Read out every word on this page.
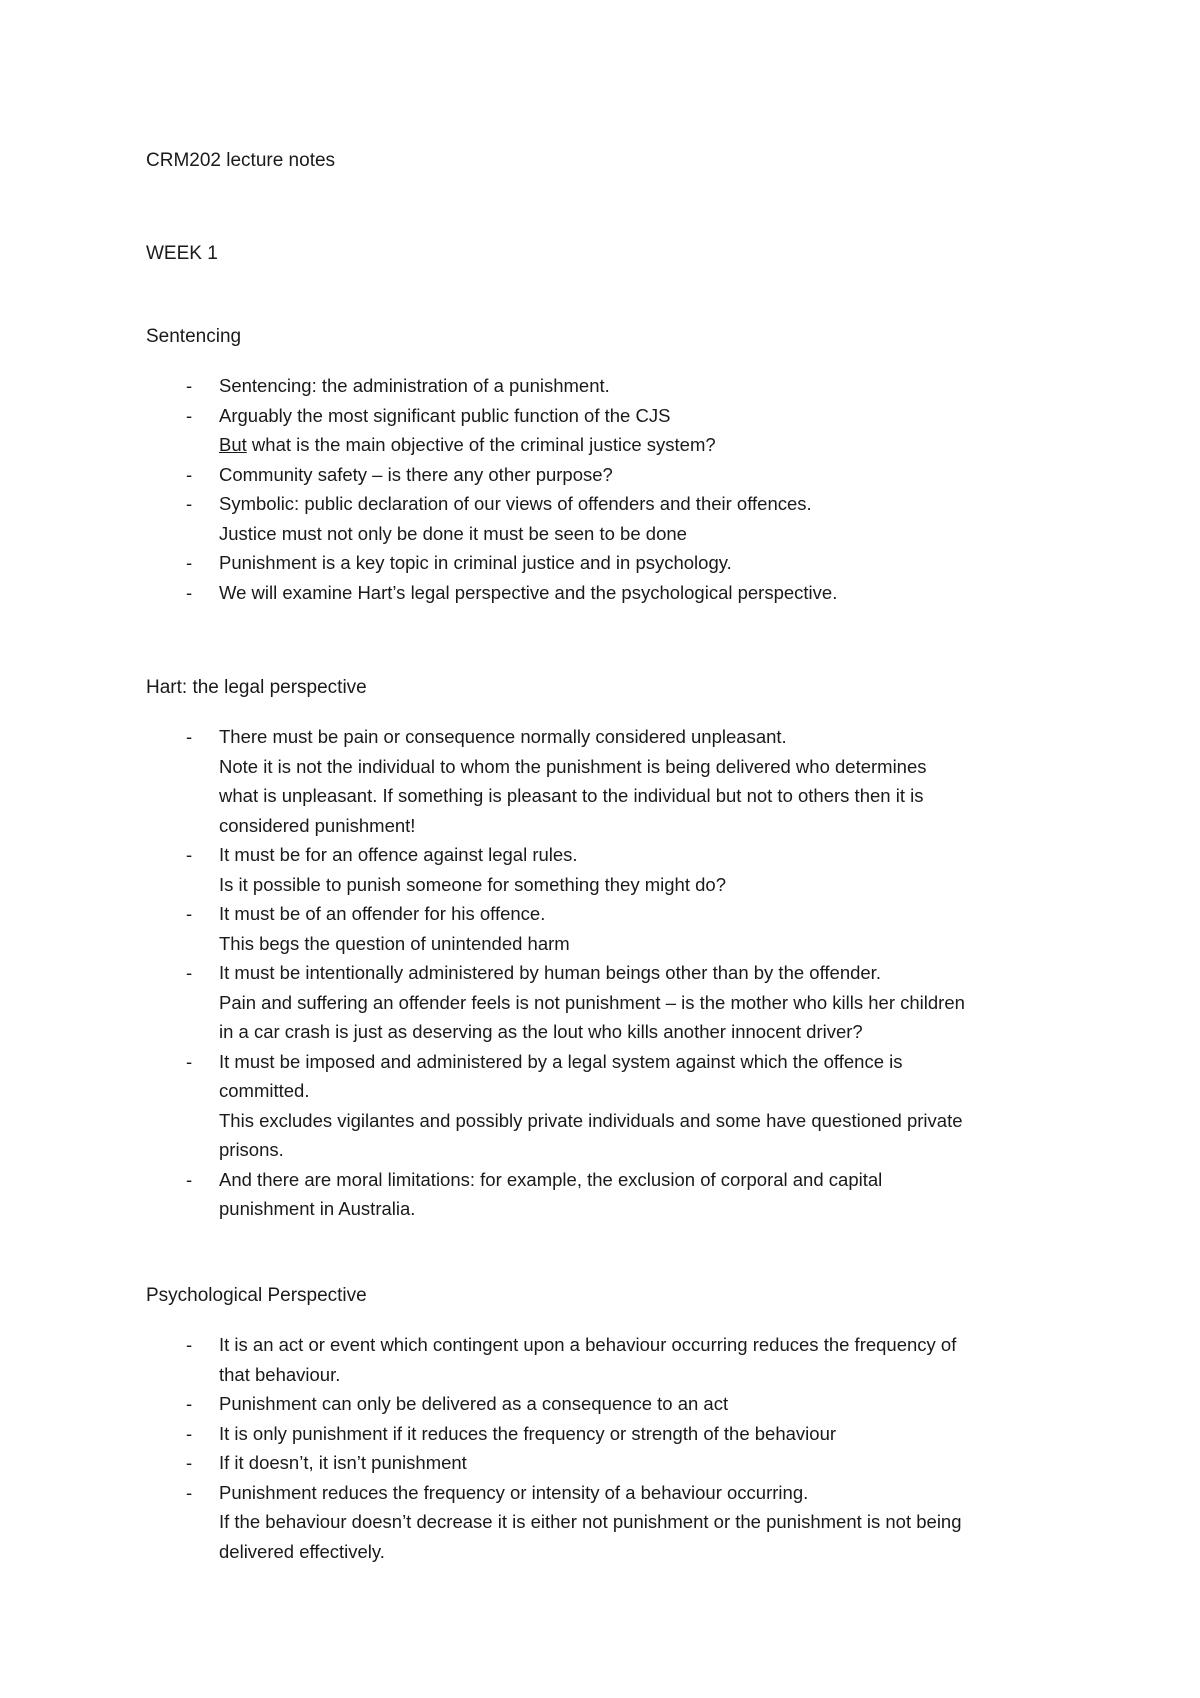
CRM202 lecture notes

WEEK 1

Sentencing
- Sentencing: the administration of a punishment.
- Arguably the most significant public function of the CJS
But what is the main objective of the criminal justice system?
- Community safety – is there any other purpose?
- Symbolic: public declaration of our views of offenders and their offences.
Justice must not only be done it must be seen to be done
- Punishment is a key topic in criminal justice and in psychology.
- We will examine Hart’s legal perspective and the psychological perspective.
Hart: the legal perspective
- There must be pain or consequence normally considered unpleasant.
Note it is not the individual to whom the punishment is being delivered who determines
what is unpleasant. If something is pleasant to the individual but not to others then it is
considered punishment!
- It must be for an offence against legal rules.
Is it possible to punish someone for something they might do?
- It must be of an offender for his offence.
This begs the question of unintended harm
- It must be intentionally administered by human beings other than by the offender.
Pain and suffering an offender feels is not punishment – is the mother who kills her children
in a car crash is just as deserving as the lout who kills another innocent driver?
- It must be imposed and administered by a legal system against which the offence is
committed.
This excludes vigilantes and possibly private individuals and some have questioned private
prisons.
- And there are moral limitations: for example, the exclusion of corporal and capital
punishment in Australia.
Psychological Perspective
- It is an act or event which contingent upon a behaviour occurring reduces the frequency of
that behaviour.
- Punishment can only be delivered as a consequence to an act
- It is only punishment if it reduces the frequency or strength of the behaviour
- If it doesn’t, it isn’t punishment
- Punishment reduces the frequency or intensity of a behaviour occurring.
If the behaviour doesn’t decrease it is either not punishment or the punishment is not being
delivered effectively.
